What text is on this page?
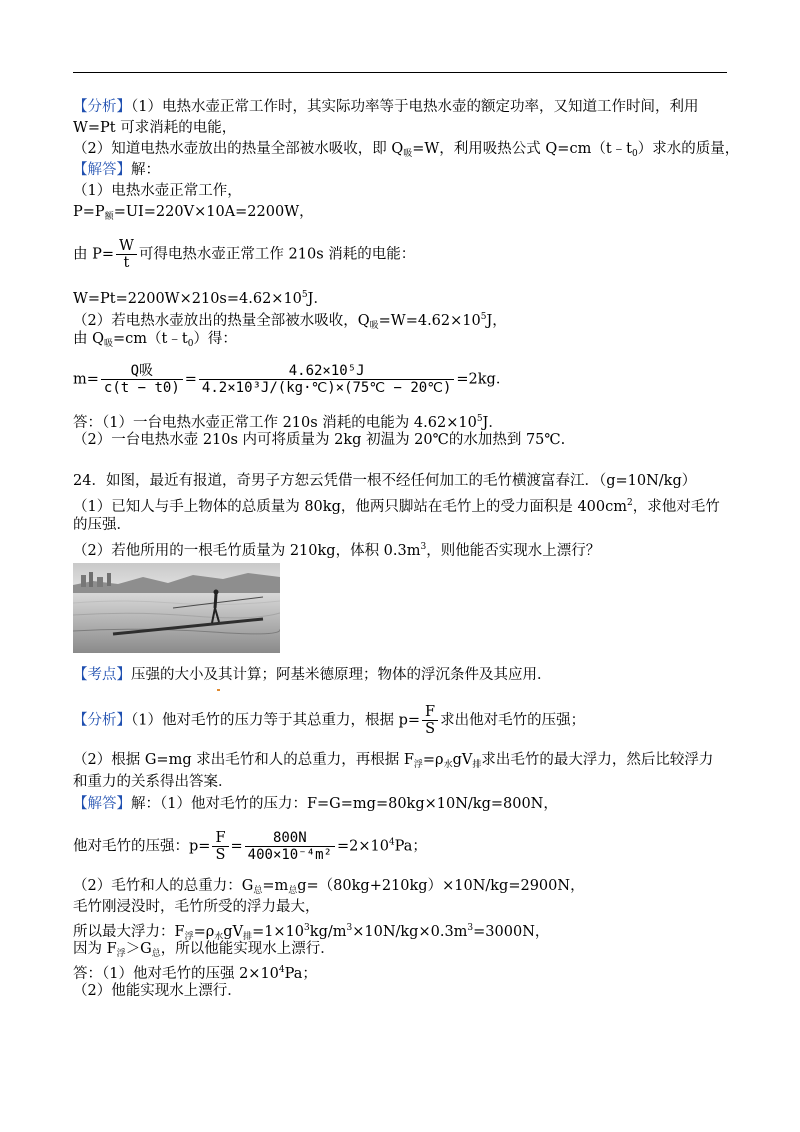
【分析】（1）电热水壶正常工作时，其实际功率等于电热水壶的额定功率，又知道工作时间，利用
W=Pt 可求消耗的电能，
（2）知道电热水壶放出的热量全部被水吸收，即 $Q_吸=W$，利用吸热公式 $Q=cm(t﹣t_0)$求水的质量，
【解答】解：
（1）电热水壶正常工作，
$P=P_额=UI=220V\times 10A=2200W$，
由 $P= \frac{W}{t}$ 可得电热水壶正常工作 210s 消耗的电能：
$W=Pt=2200W\times 210s=4.62\times 10^5J$．
（2）若电热水壶放出的热量全部被水吸收，$Q_吸=W=4.62\times 10^5J$，
由 $Q_吸=cm(t﹣t_0)$得：
$m= \frac{\text{Q吸}}{c(t - t0)} = \frac{\text{4.62×10⁵J}}{\text{4.2×10³J/(kg·℃)×(75℃ − 20℃)}} =2kg$．
答：（1）一台电热水壶正常工作 210s 消耗的电能为 $4.62\times 10^5J$．
（2）一台电热水壶 210s 内可将质量为 2kg 初温为 20℃的水加热到 75℃.
24．如图，最近有报道，奇男子方恕云凭借一根不经任何加工的毛竹横渡富春江．（g=10N/kg）
（1）已知人与手上物体的总质量为 80kg，他两只脚站在毛竹上的受力面积是 $400cm^2$，求他对毛竹
的压强．
（2）若他所用的一根毛竹质量为 210kg，体积 $0.3m^3$，则他能否实现水上漂行？
【考点】压强的大小及其计算；阿基米德原理；物体的浮沉条件及其应用．
【分析】（1）他对毛竹的压力等于其总重力，根据 $p= \frac{F}{S}$ 求出他对毛竹的压强；
（2）根据 G=mg 求出毛竹和人的总重力，再根据 $F_浮=\rho_水gV_排$求出毛竹的最大浮力，然后比较浮力
和重力的关系得出答案．
【解答】解：（1）他对毛竹的压力：F=G=mg=80kg×10N/kg=800N，
他对毛竹的压强：$p= \frac{F}{S} = \frac{800N}{\text{400×10⁻⁴m²}} =2\times 10^4Pa$；
（2）毛竹和人的总重力：$G_总=m_总g=(80kg+210kg)\times 10N/kg=2900N$，
毛竹刚浸没时，毛竹所受的浮力最大，
所以最大浮力：$F_浮=\rho_水gV_排=1\times 10^3kg/m^3\times 10N/kg\times 0.3m^3=3000N$，
因为 $F_浮>G_总$，所以他能实现水上漂行．
答：（1）他对毛竹的压强 $2\times 10^4Pa$；
（2）他能实现水上漂行．
